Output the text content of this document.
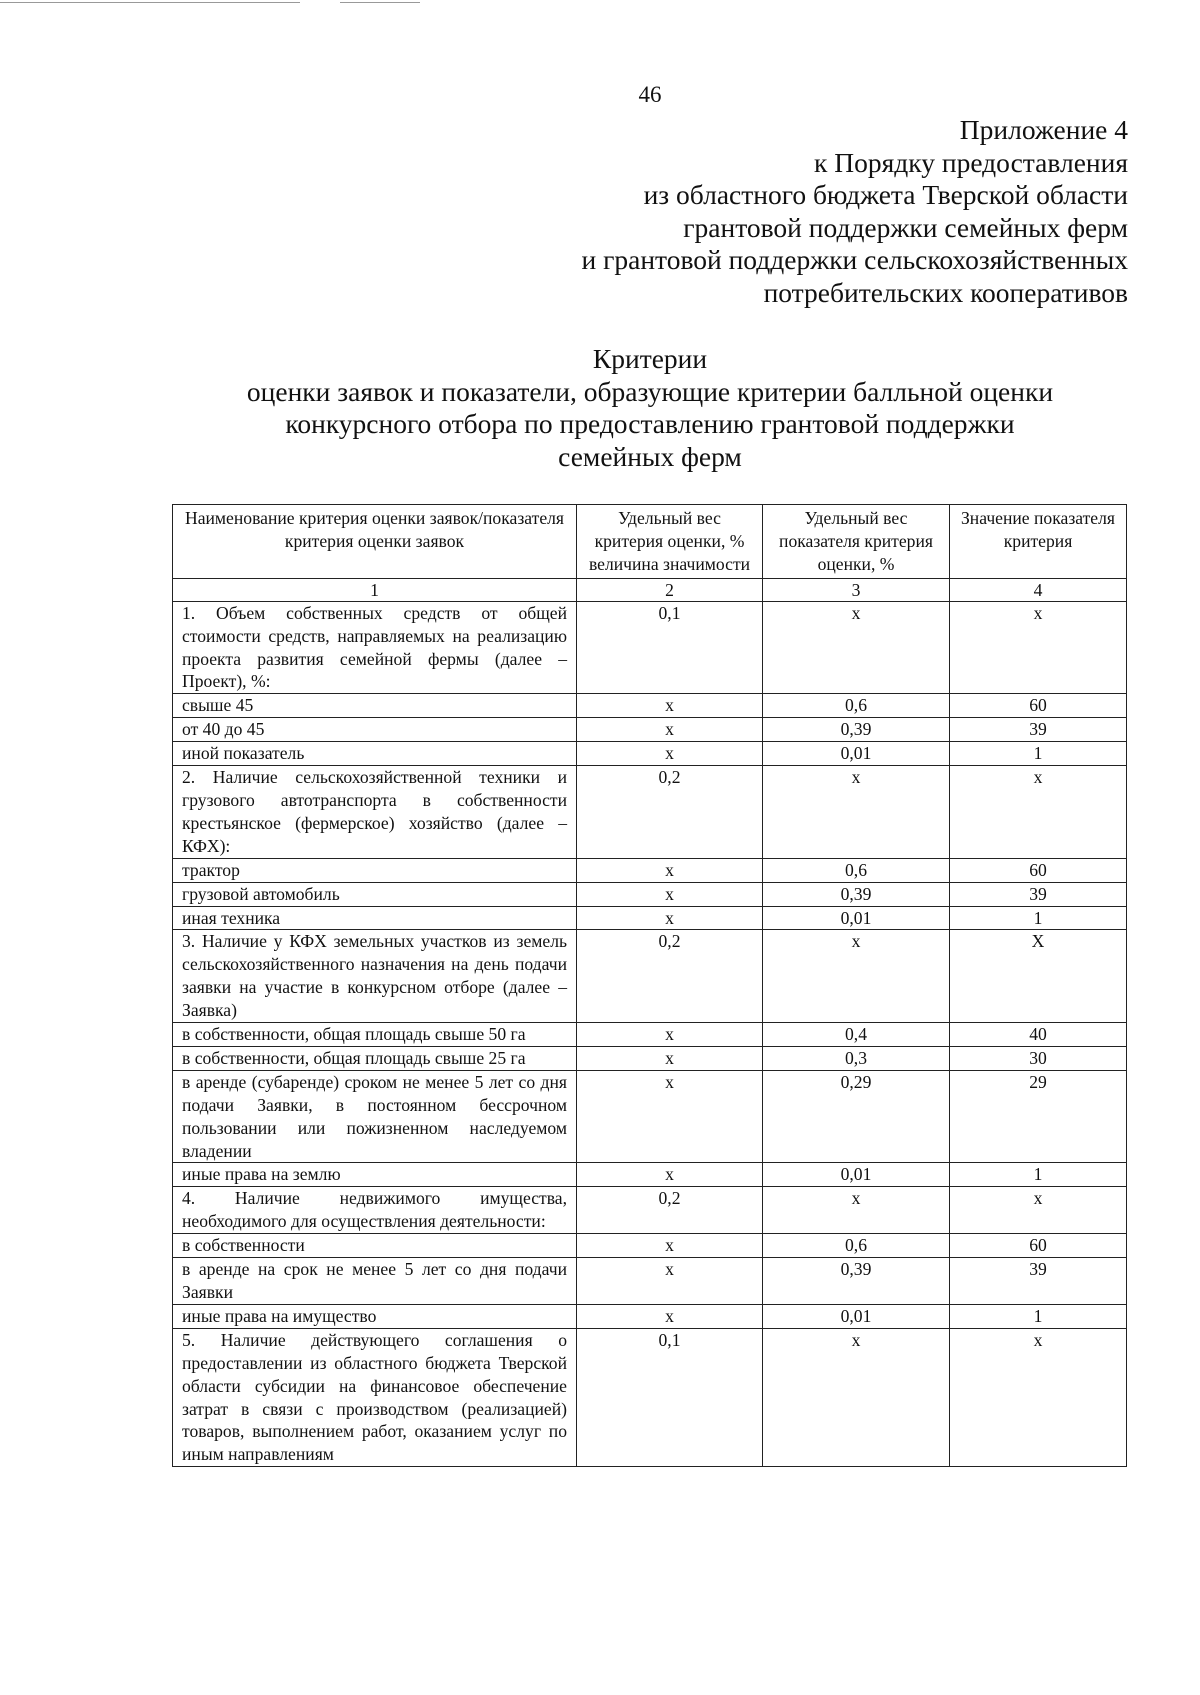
46
Приложение 4
к Порядку предоставления
из областного бюджета Тверской области
грантовой поддержки семейных ферм
и грантовой поддержки сельскохозяйственных
потребительских кооперативов
Критерии
оценки заявок и показатели, образующие критерии балльной оценки
конкурсного отбора по предоставлению грантовой поддержки
семейных ферм
Наименование критерия оценки заявок/показателя критерия оценки заявок	Удельный вес критерия оценки, % величина значимости	Удельный вес показателя критерия оценки, %	Значение показателя критерия
1	2	3	4
1. Объем собственных средств от общей стоимости средств, направляемых на реализацию проекта развития семейной фермы (далее – Проект), %:	0,1	х	х
свыше 45	х	0,6	60
от 40 до 45	х	0,39	39
иной показатель	х	0,01	1
2. Наличие сельскохозяйственной техники и грузового автотранспорта в собственности крестьянское (фермерское) хозяйство (далее – КФХ):	0,2	х	х
трактор	х	0,6	60
грузовой автомобиль	х	0,39	39
иная техника	х	0,01	1
3. Наличие у КФХ земельных участков из земель сельскохозяйственного назначения на день подачи заявки на участие в конкурсном отборе (далее – Заявка)	0,2	х	Х
в собственности, общая площадь свыше 50 га	х	0,4	40
в собственности, общая площадь свыше 25 га	х	0,3	30
в аренде (субаренде) сроком не менее 5 лет со дня подачи Заявки, в постоянном бессрочном пользовании или пожизненном наследуемом владении	х	0,29	29
иные права на землю	х	0,01	1
4. Наличие недвижимого имущества, необходимого для осуществления деятельности:	0,2	х	х
в собственности	х	0,6	60
в аренде на срок не менее 5 лет со дня подачи Заявки	х	0,39	39
иные права на имущество	х	0,01	1
5. Наличие действующего соглашения о предоставлении из областного бюджета Тверской области субсидии на финансовое обеспечение затрат в связи с производством (реализацией) товаров, выполнением работ, оказанием услуг по иным направлениям	0,1	х	х
